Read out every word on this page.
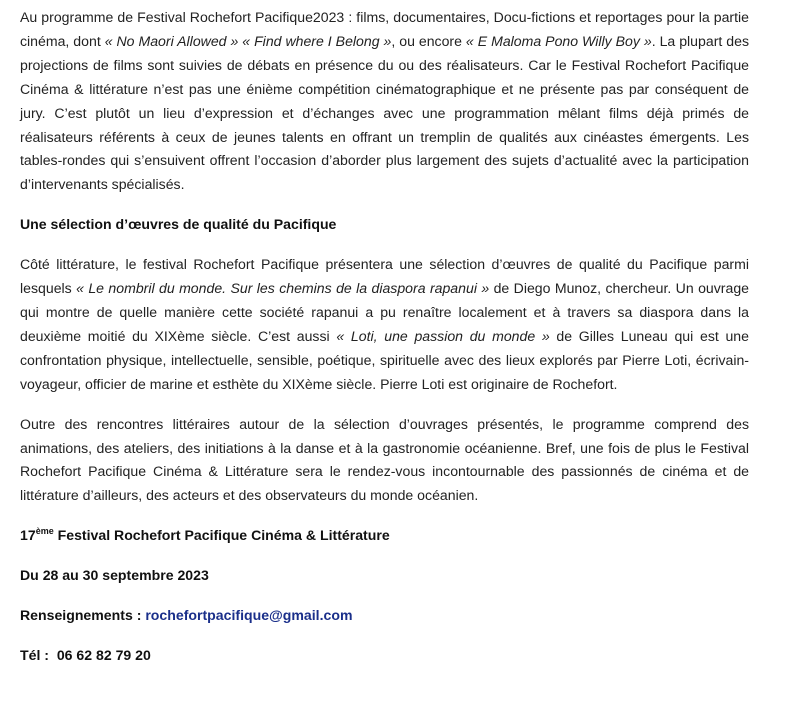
Au programme de Festival Rochefort Pacifique2023 : films, documentaires, Docu-fictions et reportages pour la partie cinéma, dont « No Maori Allowed » « Find where I Belong », ou encore « E Maloma Pono Willy Boy ». La plupart des projections de films sont suivies de débats en présence du ou des réalisateurs. Car le Festival Rochefort Pacifique Cinéma & littérature n’est pas une énième compétition cinématographique et ne présente pas par conséquent de jury. C’est plutôt un lieu d’expression et d’échanges avec une programmation mêlant films déjà primés de réalisateurs référents à ceux de jeunes talents en offrant un tremplin de qualités aux cinéastes émergents. Les tables-rondes qui s’ensuivent offrent l’occasion d’aborder plus largement des sujets d’actualité avec la participation d’intervenants spécialisés.

Une sélection d’œuvres de qualité du Pacifique

Côté littérature, le festival Rochefort Pacifique présentera une sélection d’œuvres de qualité du Pacifique parmi lesquels « Le nombril du monde. Sur les chemins de la diaspora rapanui » de Diego Munoz, chercheur. Un ouvrage qui montre de quelle manière cette société rapanui a pu renaître localement et à travers sa diaspora dans la deuxième moitié du XIXème siècle. C’est aussi « Loti, une passion du monde » de Gilles Luneau qui est une confrontation physique, intellectuelle, sensible, poétique, spirituelle avec des lieux explorés par Pierre Loti, écrivain-voyageur, officier de marine et esthète du XIXème siècle. Pierre Loti est originaire de Rochefort.

Outre des rencontres littéraires autour de la sélection d’ouvrages présentés, le programme comprend des animations, des ateliers, des initiations à la danse et à la gastronomie océanienne. Bref, une fois de plus le Festival Rochefort Pacifique Cinéma & Littérature sera le rendez-vous incontournable des passionnés de cinéma et de littérature d’ailleurs, des acteurs et des observateurs du monde océanien.

17ème Festival Rochefort Pacifique Cinéma & Littérature

Du 28 au 30 septembre 2023

Renseignements : rochefortpacifique@gmail.com

Tél :  06 62 82 79 20
